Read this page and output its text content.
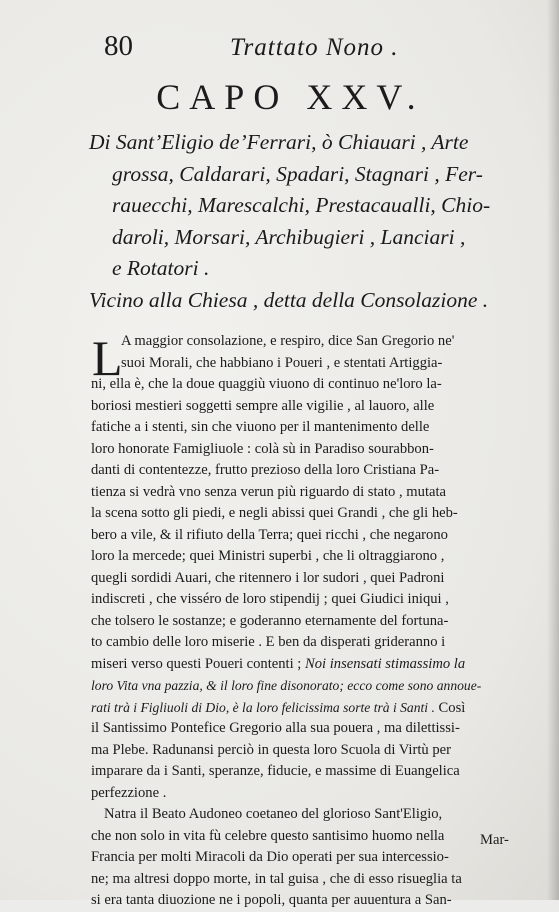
80	Trattato Nono .
CAPO XXV.
Di Sant’Eligio de’Ferrari, ò Chiauari , Arte
grossa, Caldarari, Spadari, Stagnari , Fer-
rauecchi, Marescalchi, Prestacaualli, Chio-
daroli, Morsari, Archibugieri , Lanciari ,
e Rotatori .
Vicino alla Chiesa , detta della Consolazione .
L
A maggior consolazione, e respiro, dice San Gregorio ne'
suoi Morali, che habbiano i Poueri , e stentati Artiggia-
ni, ella è, che la doue quaggiù viuono di continuo ne'loro la-
boriosi mestieri soggetti sempre alle vigilie , al lauoro, alle
fatiche a i stenti, sin che viuono per il mantenimento delle
loro honorate Famigliuole : colà sù in Paradiso sourabbon-
danti di contentezze, frutto prezioso della loro Cristiana Pa-
tienza si vedrà vno senza verun più riguardo di stato , mutata
la scena sotto gli piedi, e negli abissi quei Grandi , che gli heb-
bero a vile, & il rifiuto della Terra; quei ricchi , che negarono
loro la mercede; quei Ministri superbi , che li oltraggiarono ,
quegli sordidi Auari, che ritennero i lor sudori , quei Padroni
indiscreti , che visséro de loro stipendij ; quei Giudici iniqui ,
che tolsero le sostanze; e goderanno eternamente del fortuna-
to cambio delle loro miserie . E ben da disperati grideranno i
miseri verso questi Poueri contenti ; Noi insensati stimassimo la
loro Vita vna pazzia, & il loro fine disonorato; ecco come sono annoue-
rati trà i Figliuoli di Dio, è la loro felicissima sorte trà i Santi . Così
il Santissimo Pontefice Gregorio alla sua pouera , ma dilettissi-
ma Plebe. Radunansi perciò in questa loro Scuola di Virtù per
imparare da i Santi, speranze, fiducie, e massime di Euangelica
perfezzione .
Natra il Beato Audoneo coetaneo del glorioso Sant'Eligio,
che non solo in vita fù celebre questo santisimo huomo nella
Francia per molti Miracoli da Dio operati per sua intercessio-
ne; ma altresi doppo morte, in tal guisa , che di esso risueglia ta
si era tanta diuozione ne i popoli, quanta per auuentura a San-
Mar-
